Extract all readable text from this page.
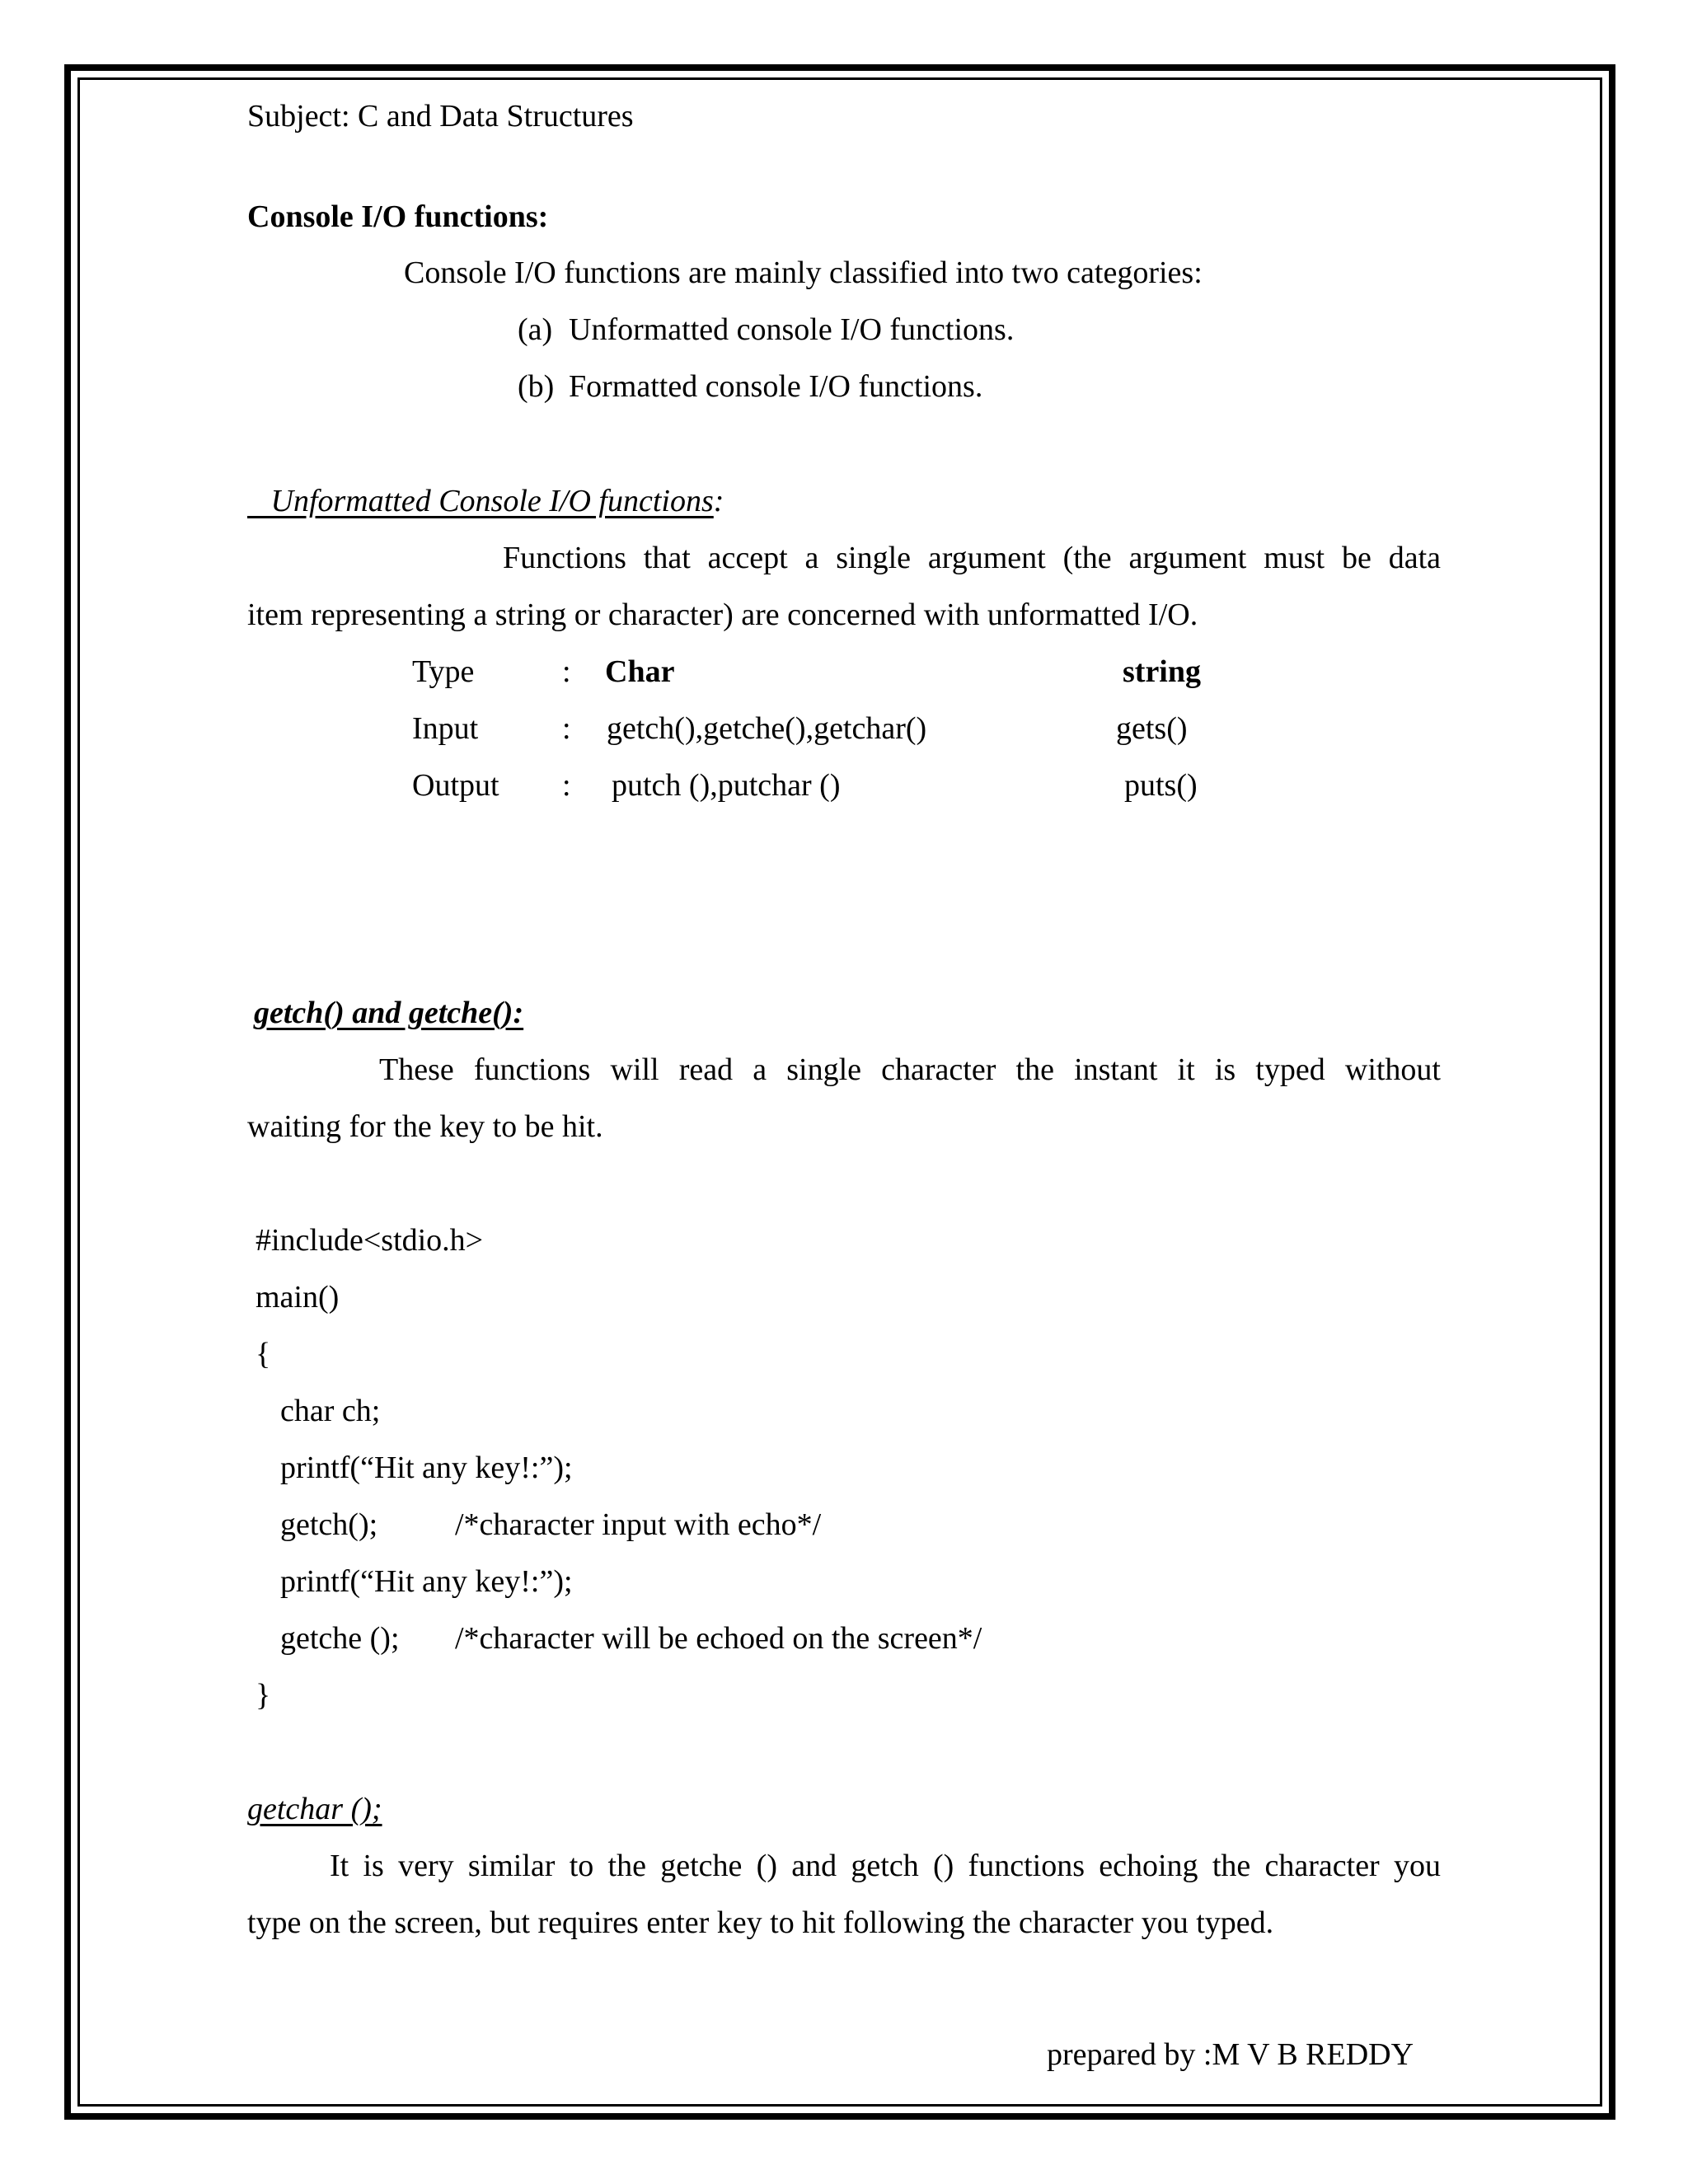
Subject: C and Data Structures
Console I/O functions:
Console I/O functions are mainly classified into two categories:
(a) Unformatted console I/O functions.
(b) Formatted console I/O functions.
Unformatted Console I/O functions:
Functions that accept a single argument (the argument must be data
item representing a string or character) are concerned with unformatted I/O.
Type	: Char	string
Input	: getch(),getche(),getchar()	gets()
Output : putch (),putchar ()	puts()
getch() and getche():
These functions will read a single character the instant it is typed without
waiting for the key to be hit.
#include<stdio.h>
main()
{
char ch;
printf(“Hit any key!:”);
getch(); /*character input with echo*/
printf(“Hit any key!:”);
getche (); /*character will be echoed on the screen*/
}
getchar ();
It is very similar to the getche () and getch () functions echoing the character you
type on the screen, but requires enter key to hit following the character you typed.
prepared by :M V B REDDY
